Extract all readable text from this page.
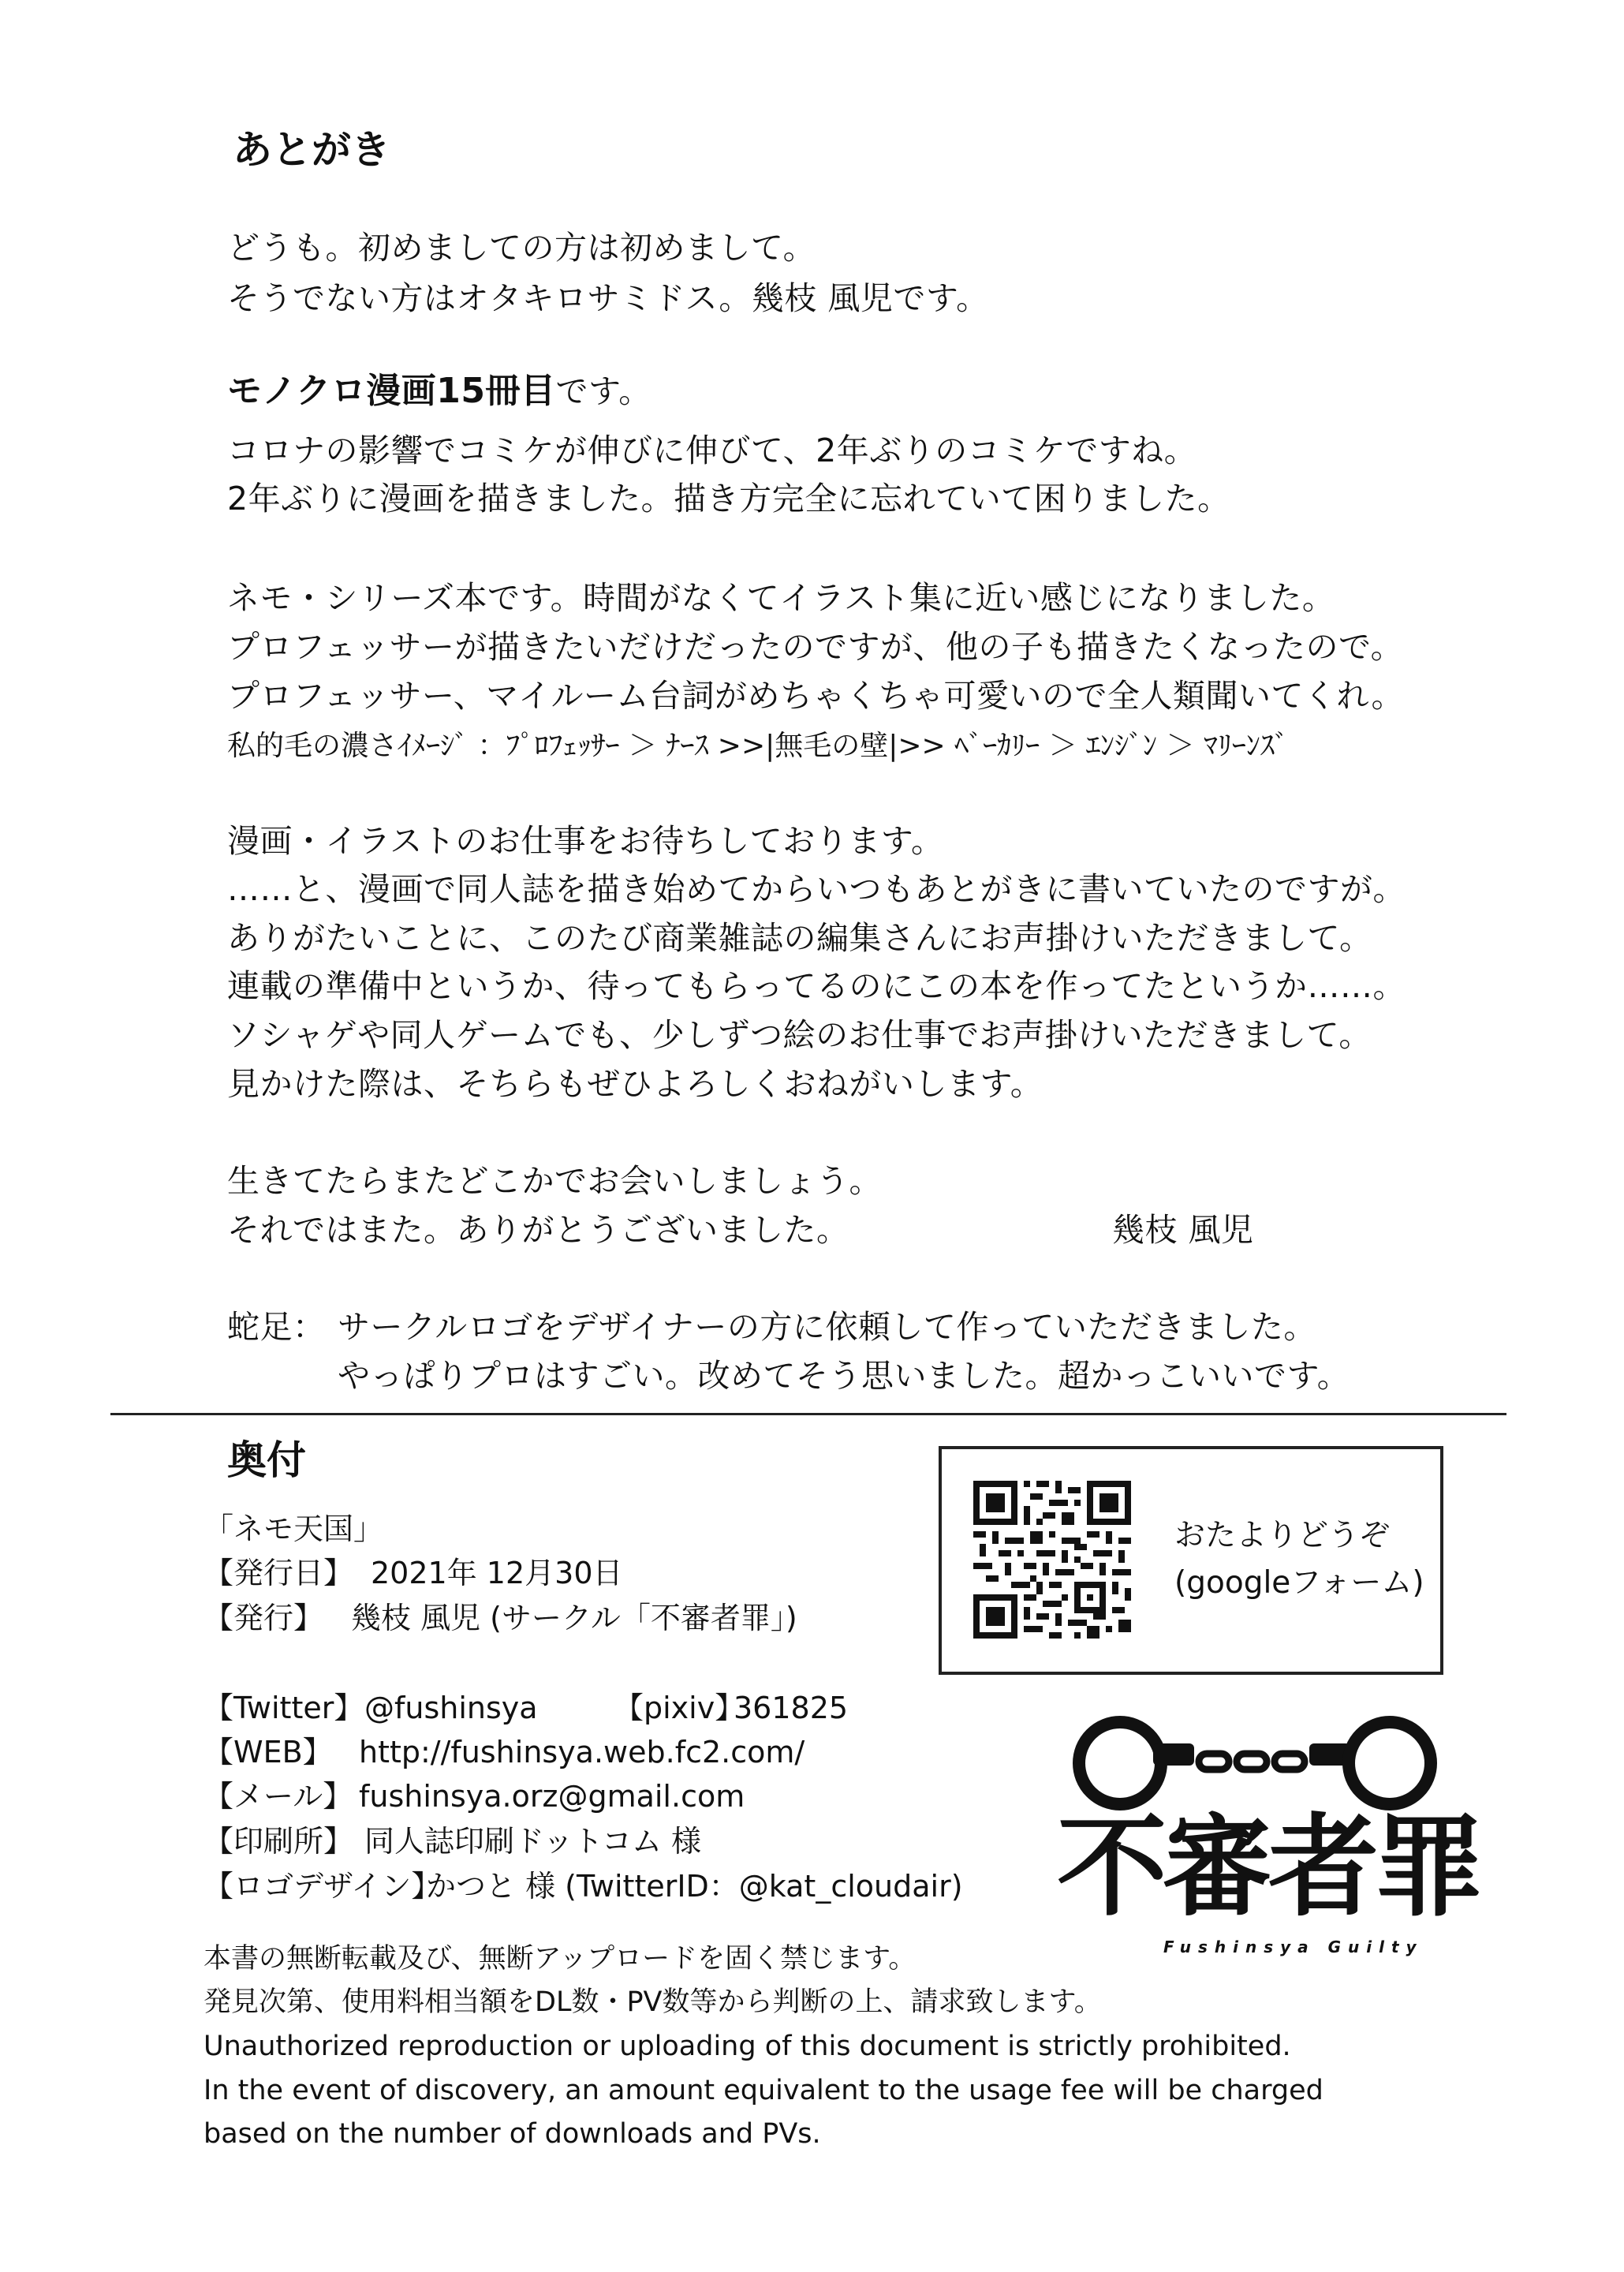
あとがき
どうも。初めましての方は初めまして。
そうでない方はオタキロサミドス。幾枝 風児です。
モノクロ漫画15冊目です。
コロナの影響でコミケが伸びに伸びて、2年ぶりのコミケですね。
2年ぶりに漫画を描きました。描き方完全に忘れていて困りました。
ネモ・シリーズ本です。時間がなくてイラスト集に近い感じになりました。
プロフェッサーが描きたいだけだったのですが、他の子も描きたくなったので。
プロフェッサー、マイルーム台詞がめちゃくちゃ可愛いので全人類聞いてくれ。
私的毛の濃さｲﾒｰｼﾞ ：ﾌﾟﾛﾌｪｯｻｰ ＞ ﾅｰｽ >>|無毛の壁|>> ﾍﾞｰｶﾘｰ ＞ ｴﾝｼﾞﾝ ＞ ﾏﾘｰﾝｽﾞ
漫画・イラストのお仕事をお待ちしております。
……と、漫画で同人誌を描き始めてからいつもあとがきに書いていたのですが。
ありがたいことに、このたび商業雑誌の編集さんにお声掛けいただきまして。
連載の準備中というか、待ってもらってるのにこの本を作ってたというか……。
ソシャゲや同人ゲームでも、少しずつ絵のお仕事でお声掛けいただきまして。
見かけた際は、そちらもぜひよろしくおねがいします。
生きてたらまたどこかでお会いしましょう。
それではまた。ありがとうございました。	幾枝 風児
蛇足： サークルロゴをデザイナーの方に依頼して作っていただきました。
やっぱりプロはすごい。改めてそう思いました。超かっこいいです。
奥付
「ネモ天国」
【発行日】 2021年 12月30日
【発行】 幾枝 風児 (サークル「不審者罪」)
【Twitter】 @fushinsya	【pixiv】
361825
【WEB】 http://fushinsya.web.fc2.com/
【メール】 fushinsya.orz@gmail.com
【印刷所】 同人誌印刷ドットコム 様
【ロゴデザイン】
かつと 様 (TwitterID：@kat_cloudair)
本書の無断転載及び、無断アップロードを固く禁じます。
発見次第、使用料相当額をDL数・PV数等から判断の上、請求致します。
Unauthorized reproduction or uploading of this document is strictly prohibited.
In the event of discovery, an amount equivalent to the usage fee will be charged
based on the number of downloads and PVs.
おたよりどうぞ
(googleフォーム)
不審者罪
Fushinsya Guilty
